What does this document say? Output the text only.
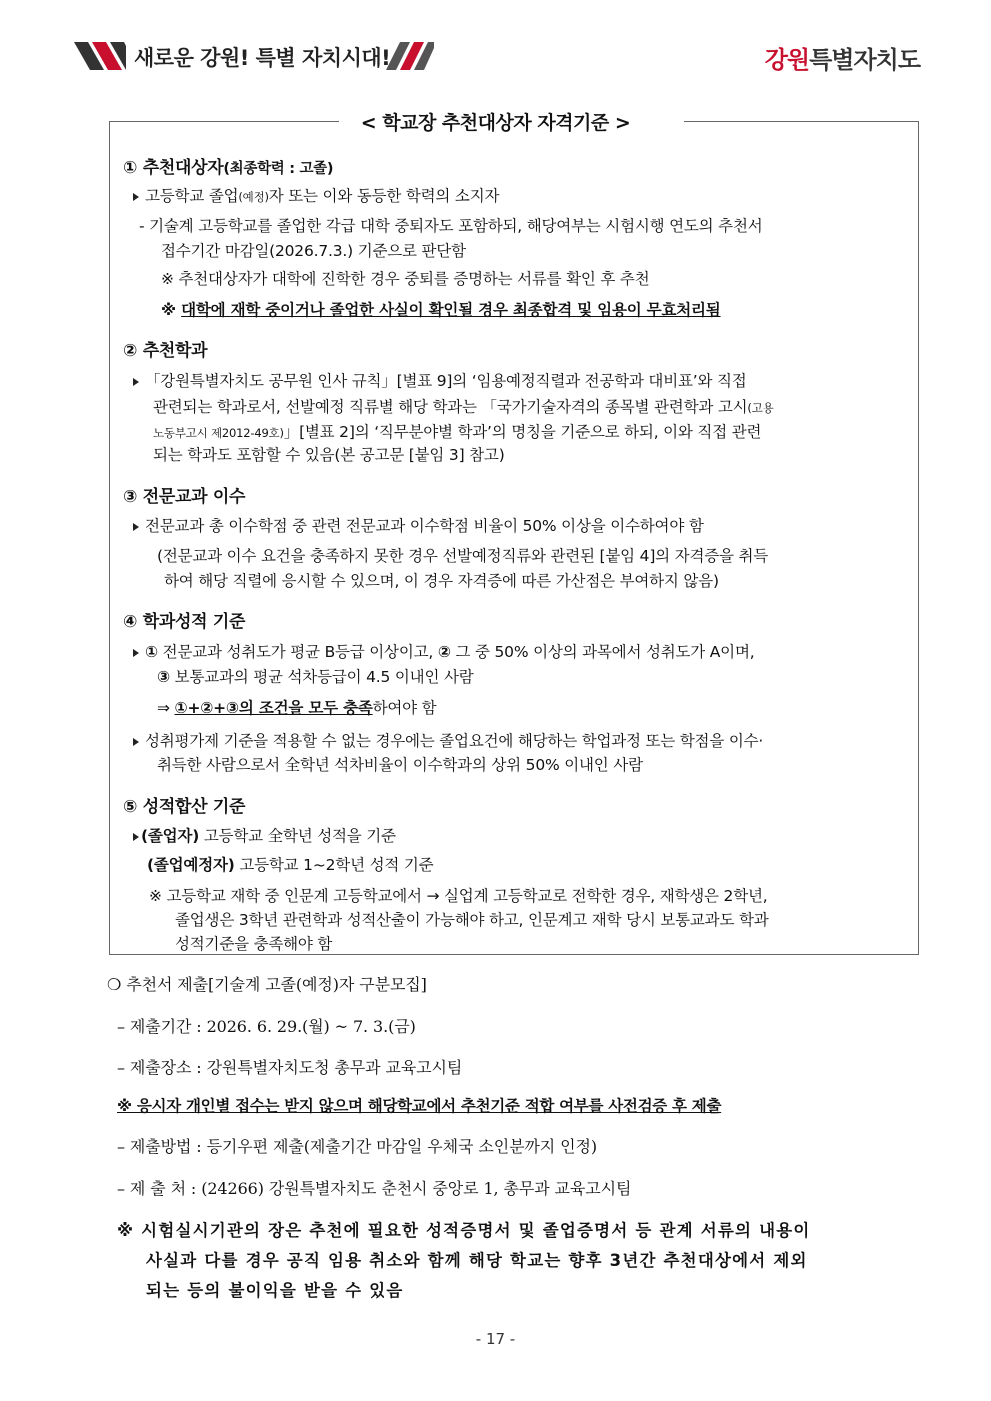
새로운 강원! 특별 자치시대!	강원특별자치도
< 학교장 추천대상자 자격기준 >
① 추천대상자(최종학력 : 고졸)
고등학교 졸업(예정)자 또는 이와 동등한 학력의 소지자
- 기술계 고등학교를 졸업한 각급 대학 중퇴자도 포함하되, 해당여부는 시험시행 연도의 추천서
접수기간 마감일(2026.7.3.) 기준으로 판단함
※ 추천대상자가 대학에 진학한 경우 중퇴를 증명하는 서류를 확인 후 추천
※ 대학에 재학 중이거나 졸업한 사실이 확인될 경우 최종합격 및 임용이 무효처리됨
② 추천학과
「강원특별자치도 공무원 인사 규칙」[별표 9]의 ‘임용예정직렬과 전공학과 대비표’와 직접
관련되는 학과로서, 선발예정 직류별 해당 학과는 「국가기술자격의 종목별 관련학과 고시(고용
노동부고시 제2012-49호)」[별표 2]의 ‘직무분야별 학과’의 명칭을 기준으로 하되, 이와 직접 관련
되는 학과도 포함할 수 있음(본 공고문 [붙임 3] 참고)
③ 전문교과 이수
전문교과 총 이수학점 중 관련 전문교과 이수학점 비율이 50% 이상을 이수하여야 함
(전문교과 이수 요건을 충족하지 못한 경우 선발예정직류와 관련된 [붙임 4]의 자격증을 취득
하여 해당 직렬에 응시할 수 있으며, 이 경우 자격증에 따른 가산점은 부여하지 않음)
④ 학과성적 기준
① 전문교과 성취도가 평균 B등급 이상이고, ② 그 중 50% 이상의 과목에서 성취도가 A이며,
③ 보통교과의 평균 석차등급이 4.5 이내인 사람
⇒ ①+②+③의 조건을 모두 충족하여야 함
성취평가제 기준을 적용할 수 없는 경우에는 졸업요건에 해당하는 학업과정 또는 학점을 이수·
취득한 사람으로서 全학년 석차비율이 이수학과의 상위 50% 이내인 사람
⑤ 성적합산 기준
(졸업자) 고등학교 全학년 성적을 기준
(졸업예정자) 고등학교 1~2학년 성적 기준
※ 고등학교 재학 중 인문계 고등학교에서 → 실업계 고등학교로 전학한 경우, 재학생은 2학년,
졸업생은 3학년 관련학과 성적산출이 가능해야 하고, 인문계고 재학 당시 보통교과도 학과
성적기준을 충족해야 함
❍ 추천서 제출[기술계 고졸(예정)자 구분모집]
– 제출기간 : 2026. 6. 29.(월) ~ 7. 3.(금)
– 제출장소 : 강원특별자치도청 총무과 교육고시팀
※ 응시자 개인별 접수는 받지 않으며 해당학교에서 추천기준 적합 여부를 사전검증 후 제출
– 제출방법 : 등기우편 제출(제출기간 마감일 우체국 소인분까지 인정)
– 제 출 처 : (24266) 강원특별자치도 춘천시 중앙로 1, 총무과 교육고시팀
※ 시험실시기관의 장은 추천에 필요한 성적증명서 및 졸업증명서 등 관계 서류의 내용이
사실과 다를 경우 공직 임용 취소와 함께 해당 학교는 향후 3년간 추천대상에서 제외
되는 등의 불이익을 받을 수 있음
- 17 -
